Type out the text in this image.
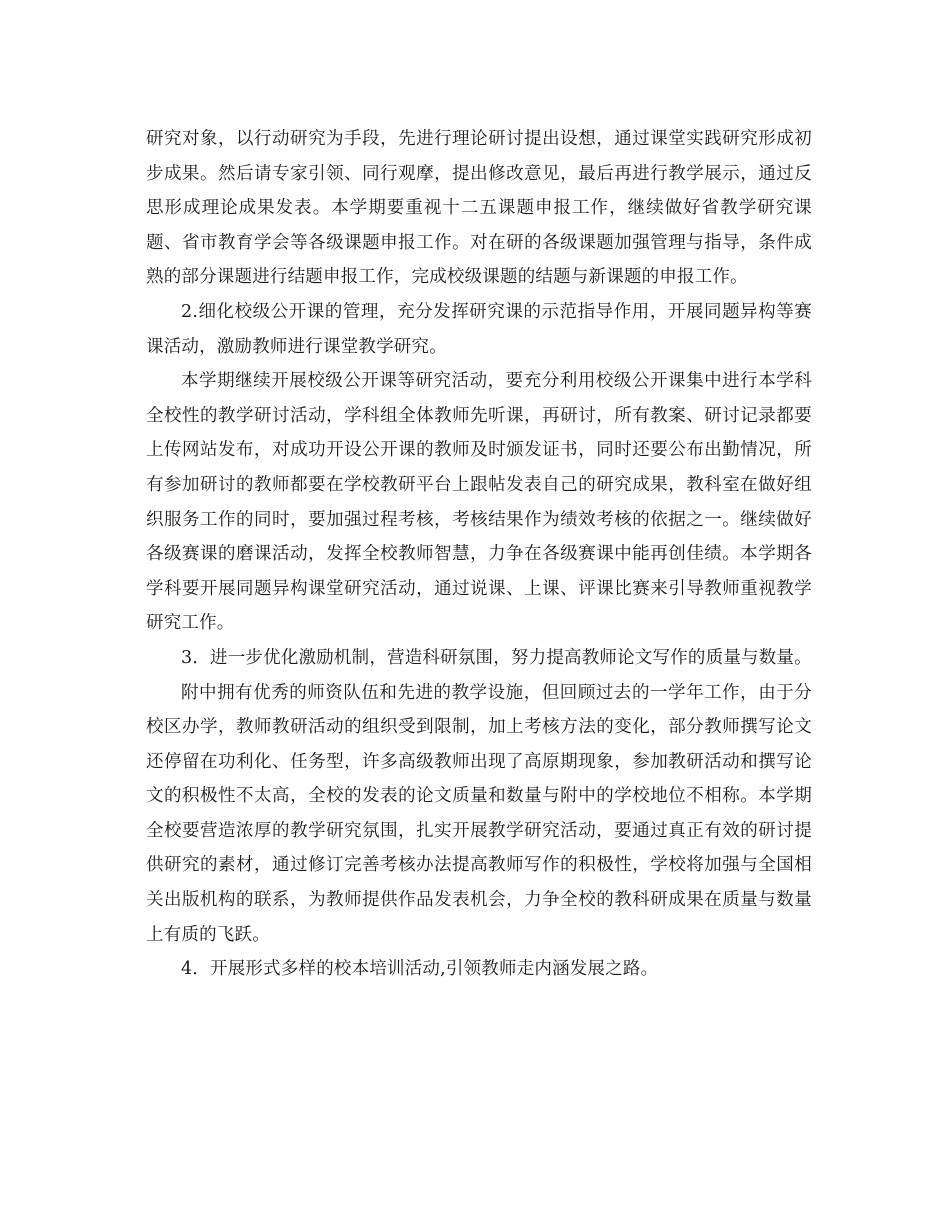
研究对象，以行动研究为手段，先进行理论研讨提出设想，通过课堂实践研究形成初步成果。然后请专家引领、同行观摩，提出修改意见，最后再进行教学展示，通过反思形成理论成果发表。本学期要重视十二五课题申报工作，继续做好省教学研究课题、省市教育学会等各级课题申报工作。对在研的各级课题加强管理与指导，条件成熟的部分课题进行结题申报工作，完成校级课题的结题与新课题的申报工作。

2.细化校级公开课的管理，充分发挥研究课的示范指导作用，开展同题异构等赛课活动，激励教师进行课堂教学研究。

本学期继续开展校级公开课等研究活动，要充分利用校级公开课集中进行本学科全校性的教学研讨活动，学科组全体教师先听课，再研讨，所有教案、研讨记录都要上传网站发布，对成功开设公开课的教师及时颁发证书，同时还要公布出勤情况，所有参加研讨的教师都要在学校教研平台上跟帖发表自己的研究成果，教科室在做好组织服务工作的同时，要加强过程考核，考核结果作为绩效考核的依据之一。继续做好各级赛课的磨课活动，发挥全校教师智慧，力争在各级赛课中能再创佳绩。本学期各学科要开展同题异构课堂研究活动，通过说课、上课、评课比赛来引导教师重视教学研究工作。

3．进一步优化激励机制，营造科研氛围，努力提高教师论文写作的质量与数量。

附中拥有优秀的师资队伍和先进的教学设施，但回顾过去的一学年工作，由于分校区办学，教师教研活动的组织受到限制，加上考核方法的变化，部分教师撰写论文还停留在功利化、任务型，许多高级教师出现了高原期现象，参加教研活动和撰写论文的积极性不太高，全校的发表的论文质量和数量与附中的学校地位不相称。本学期全校要营造浓厚的教学研究氛围，扎实开展教学研究活动，要通过真正有效的研讨提供研究的素材，通过修订完善考核办法提高教师写作的积极性，学校将加强与全国相关出版机构的联系，为教师提供作品发表机会，力争全校的教科研成果在质量与数量上有质的飞跃。

4．开展形式多样的校本培训活动,引领教师走内涵发展之路。
